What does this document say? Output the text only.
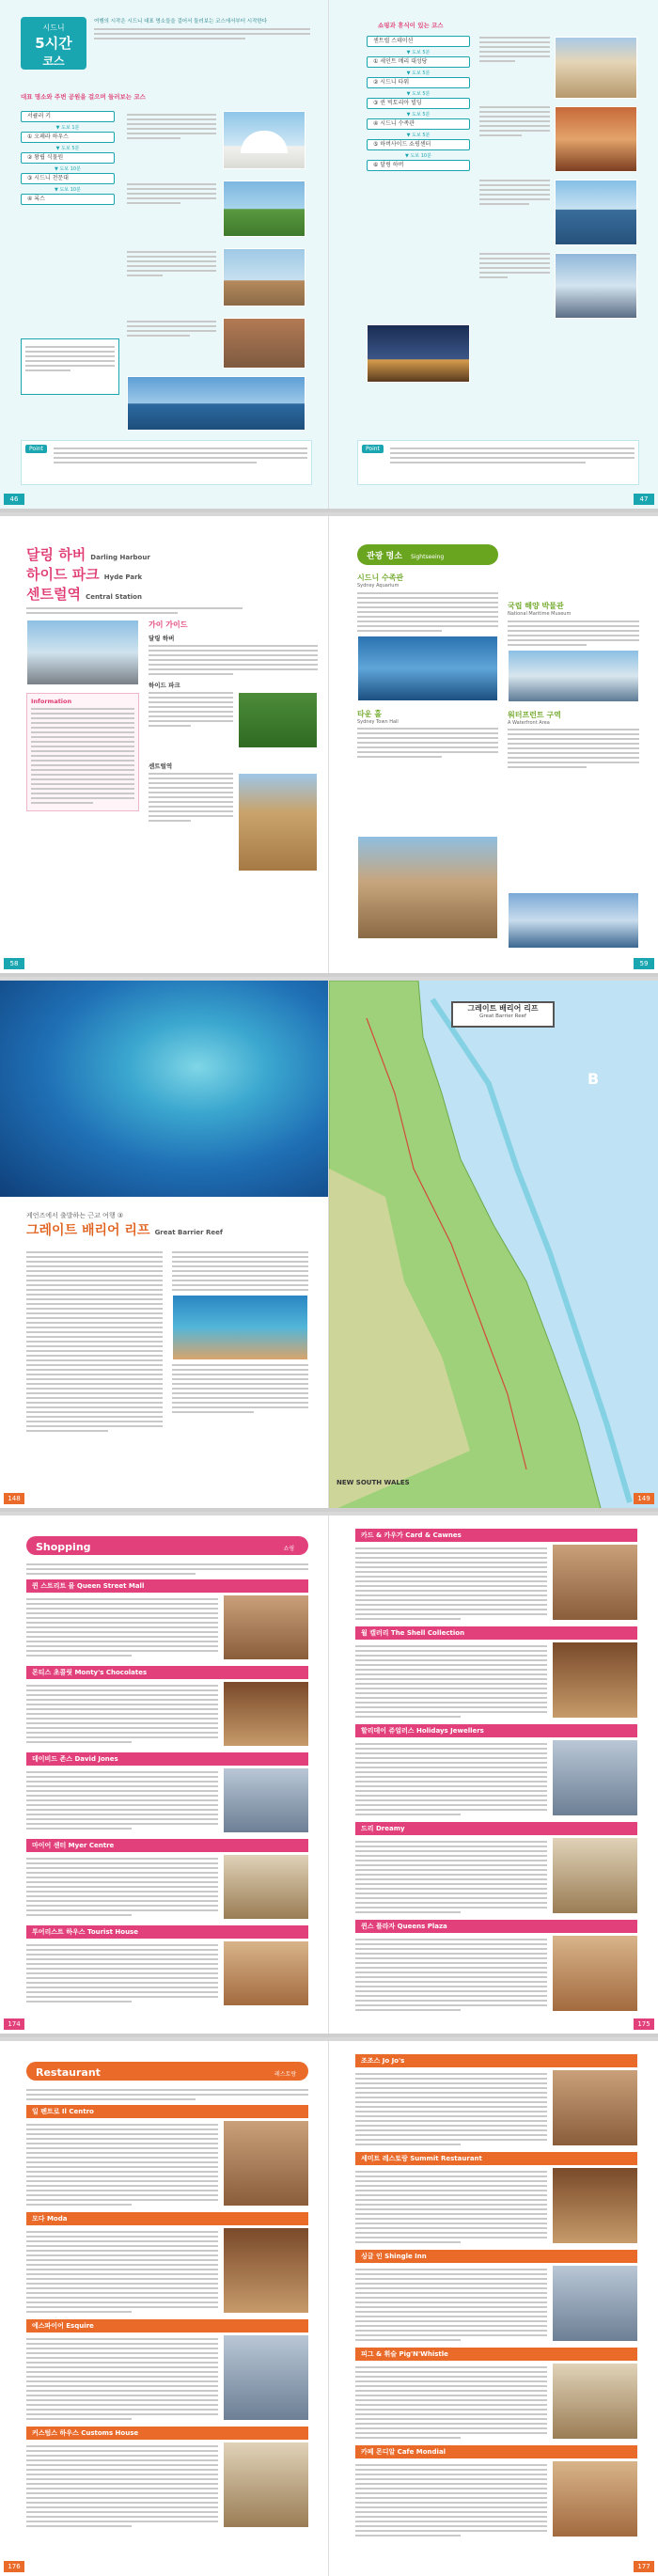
시드니
5시간
코스
여행의 시작은 시드니 대표 명소들을 걸어서 둘러보는 코스에서부터 시작한다
대표 명소와 주변 공원을 걸으며 둘러보는 코스
서큘러 키
▼ 도보 1분
① 오페라 하우스
▼ 도보 5분
② 왕립 식물원
▼ 도보 10분
③ 시드니 천문대
▼ 도보 10분
④ 록스
Point
46
쇼핑과 휴식이 있는 코스
센트럴 스테이션
▼ 도보 5분
① 세인트 메리 대성당
▼ 도보 5분
② 시드니 타워
▼ 도보 5분
③ 퀸 빅토리아 빌딩
▼ 도보 5분
④ 시드니 수족관
▼ 도보 5분
⑤ 하버사이드 쇼핑센터
▼ 도보 10분
⑥ 달링 하버
Point
47
달링 하버 Darling Harbour
하이드 파크 Hyde Park
센트럴역 Central Station
Information
가이 가이드
달링 하버
하이드 파크
센트럴역
58
관광 명소 Sightseeing
시드니 수족관
Sydney Aquarium
타운 홀
Sydney Town Hall
국립 해양 박물관
National Maritime Museum
워터프런트 구역
A Waterfront Area
59
케언즈에서 출발하는 근교 여행 ③
그레이트 배리어 리프 Great Barrier Reef
148
그레이트 배리어 리프
Great Barrier Reef
B
NEW SOUTH WALES
149
Shopping	쇼핑
퀸 스트리트 몰 Queen Street Mall
몬티스 초콜릿 Monty's Chocolates
데이비드 존스 David Jones
마이어 센터 Myer Centre
투어리스트 하우스 Tourist House
174
카드 & 카우가 Card & Cawnes
월 캘러리 The Shell Collection
할리데이 쥬얼러스 Holidays Jewellers
드리 Dreamy
퀸스 플라자 Queens Plaza
175
Restaurant	레스토랑
일 펜트로 Il Centro
모다 Moda
에스파이어 Esquire
커스텀스 하우스 Customs House
176
조조스 Jo Jo's
세미트 레스토랑 Summit Restaurant
싱글 인 Shingle Inn
피그 & 휘슬 Pig'N'Whistle
카페 몬디알 Cafe Mondial
177
